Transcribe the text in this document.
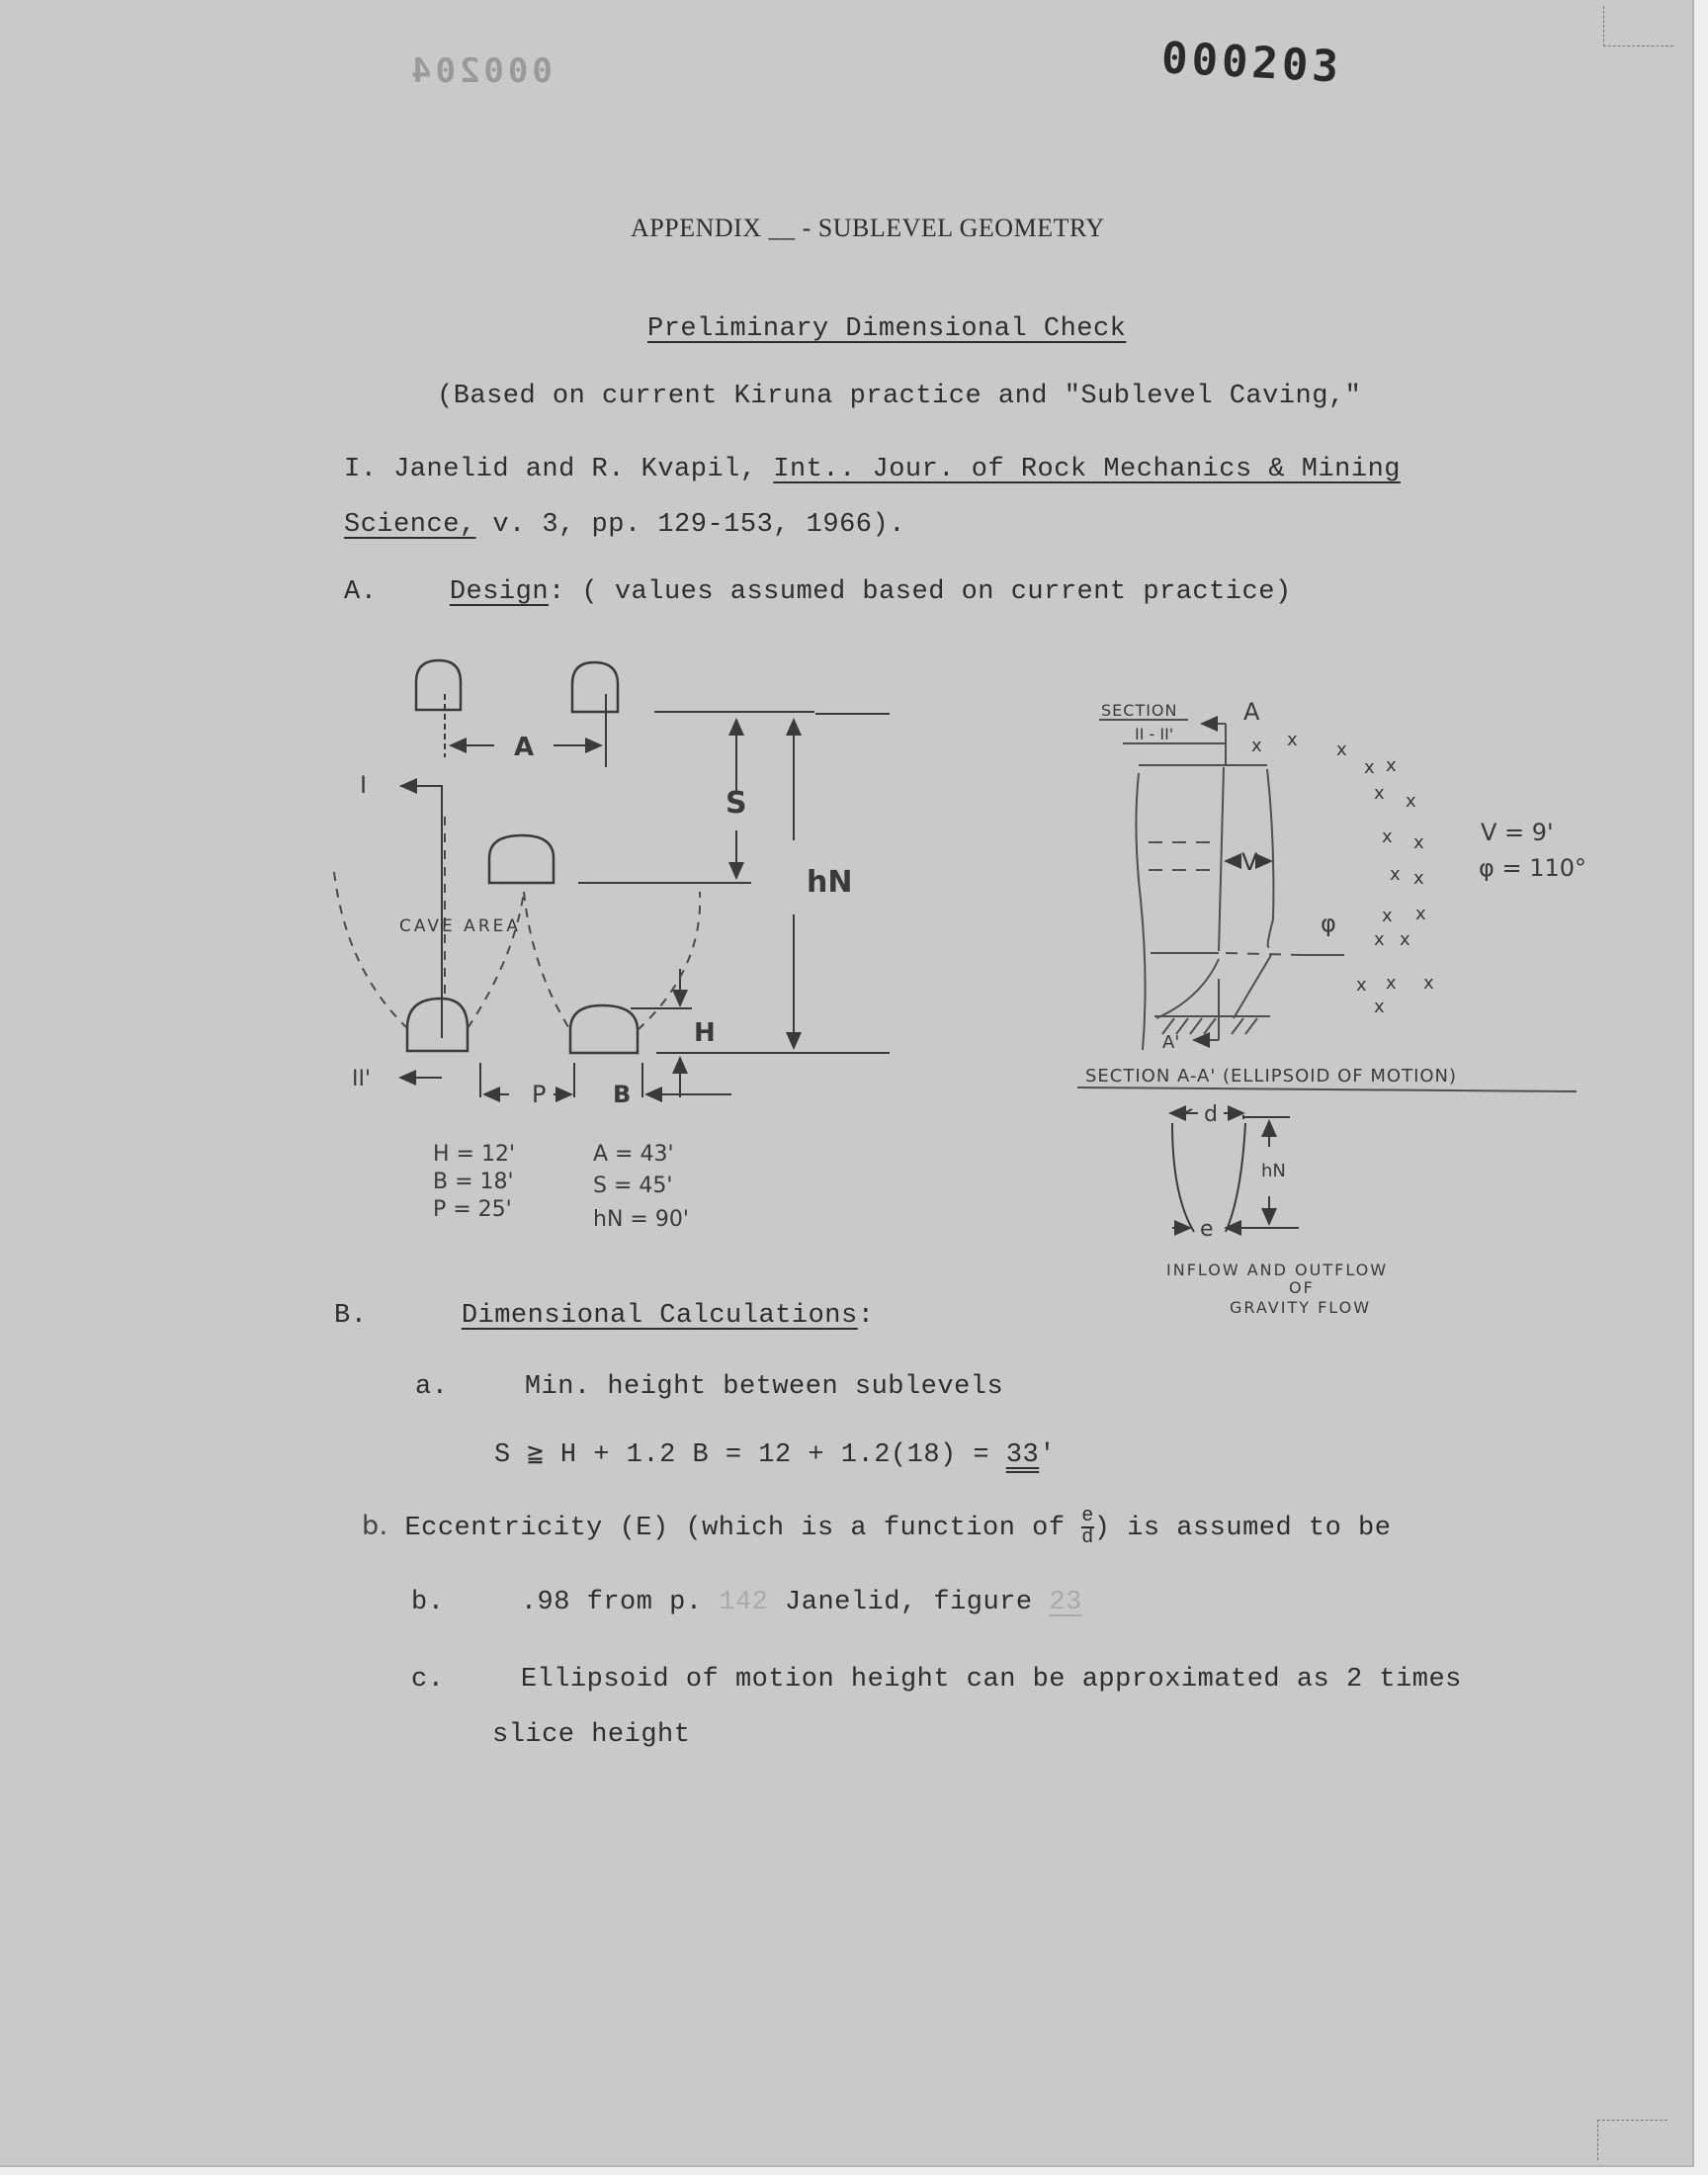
000204	000203
APPENDIX __ - SUBLEVEL GEOMETRY
Preliminary Dimensional Check
(Based on current Kiruna practice and "Sublevel Caving,"
I. Janelid and R. Kvapil, Int.. Jour. of Rock Mechanics & Mining
Science, v. 3, pp. 129-153, 1966).
A.	Design: ( values assumed based on current practice)
A
S
hN
H
P	B
I
II'
CAVE AREA
H = 12'
B = 18'
P = 25'
A = 43'
S = 45'
hN = 90'
x x x
x x
x x
x x
x x
x x
x x
x x x
x
SECTION
II - II'
A
A'
V
φ
V = 9'
φ = 110°
SECTION A-A' (ELLIPSOID OF MOTION)
d
e
hN
INFLOW AND OUTFLOW
OF
GRAVITY FLOW
B.	Dimensional Calculations:
a.	Min. height between sublevels
S ≧ H + 1.2 B = 12 + 1.2(18) = 33'
b. Eccentricity (E) (which is a function of $\frac{e}{d}$ ) is assumed to be
b.	.98 from p. 142 Janelid, figure 23
c.	Ellipsoid of motion height can be approximated as 2 times
slice height
